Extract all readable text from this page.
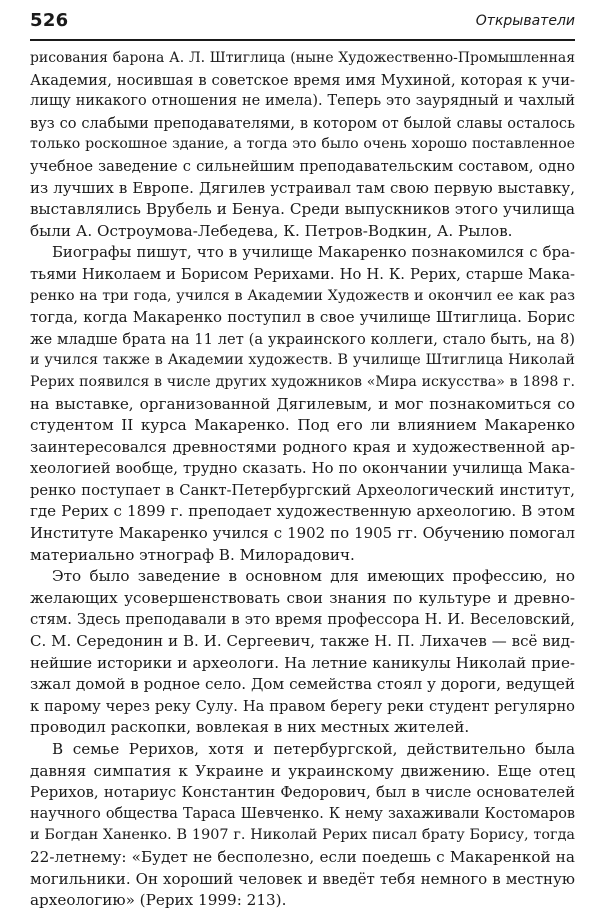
526	Открыватели
рисования барона А. Л. Штиглица (ныне Художественно-Промышленная
Академия, носившая в советское время имя Мухиной, которая к учи-
лищу никакого отношения не имела). Теперь это заурядный и чахлый
вуз со слабыми преподавателями, в котором от былой славы осталось
только роскошное здание, а тогда это было очень хорошо поставленное
учебное заведение с сильнейшим преподавательским составом, одно
из лучших в Европе. Дягилев устраивал там свою первую выставку,
выставлялись Врубель и Бенуа. Среди выпускников этого училища
были А. Остроумова-Лебедева, К. Петров-Водкин, А. Рылов.
Биографы пишут, что в училище Макаренко познакомился с бра-
тьями Николаем и Борисом Рерихами. Но Н. К. Рерих, старше Мака-
ренко на три года, учился в Академии Художеств и окончил ее как раз
тогда, когда Макаренко поступил в свое училище Штиглица. Борис
же младше брата на 11 лет (а украинского коллеги, стало быть, на 8)
и учился также в Академии художеств. В училище Штиглица Николай
Рерих появился в числе других художников «Мира искусства» в 1898 г.
на выставке, организованной Дягилевым, и мог познакомиться со
студентом II курса Макаренко. Под его ли влиянием Макаренко
заинтересовался древностями родного края и художественной ар-
хеологией вообще, трудно сказать. Но по окончании училища Мака-
ренко поступает в Санкт-Петербургский Археологический институт,
где Рерих с 1899 г. преподает художественную археологию. В этом
Институте Макаренко учился с 1902 по 1905 гг. Обучению помогал
материально этнограф В. Милорадович.
Это было заведение в основном для имеющих профессию, но
желающих усовершенствовать свои знания по культуре и древно-
стям. Здесь преподавали в это время профессора Н. И. Веселовский,
С. М. Середонин и В. И. Сергеевич, также Н. П. Лихачев — всё вид-
нейшие историки и археологи. На летние каникулы Николай прие-
зжал домой в родное село. Дом семейства стоял у дороги, ведущей
к парому через реку Сулу. На правом берегу реки студент регулярно
проводил раскопки, вовлекая в них местных жителей.
В семье Рерихов, хотя и петербургской, действительно была
давняя симпатия к Украине и украинскому движению. Еще отец
Рерихов, нотариус Константин Федорович, был в числе основателей
научного общества Тараса Шевченко. К нему захаживали Костомаров
и Богдан Ханенко. В 1907 г. Николай Рерих писал брату Борису, тогда
22-летнему: «Будет не бесполезно, если поедешь с Макаренкой на
могильники. Он хороший человек и введёт тебя немного в местную
археологию» (Рерих 1999: 213).
